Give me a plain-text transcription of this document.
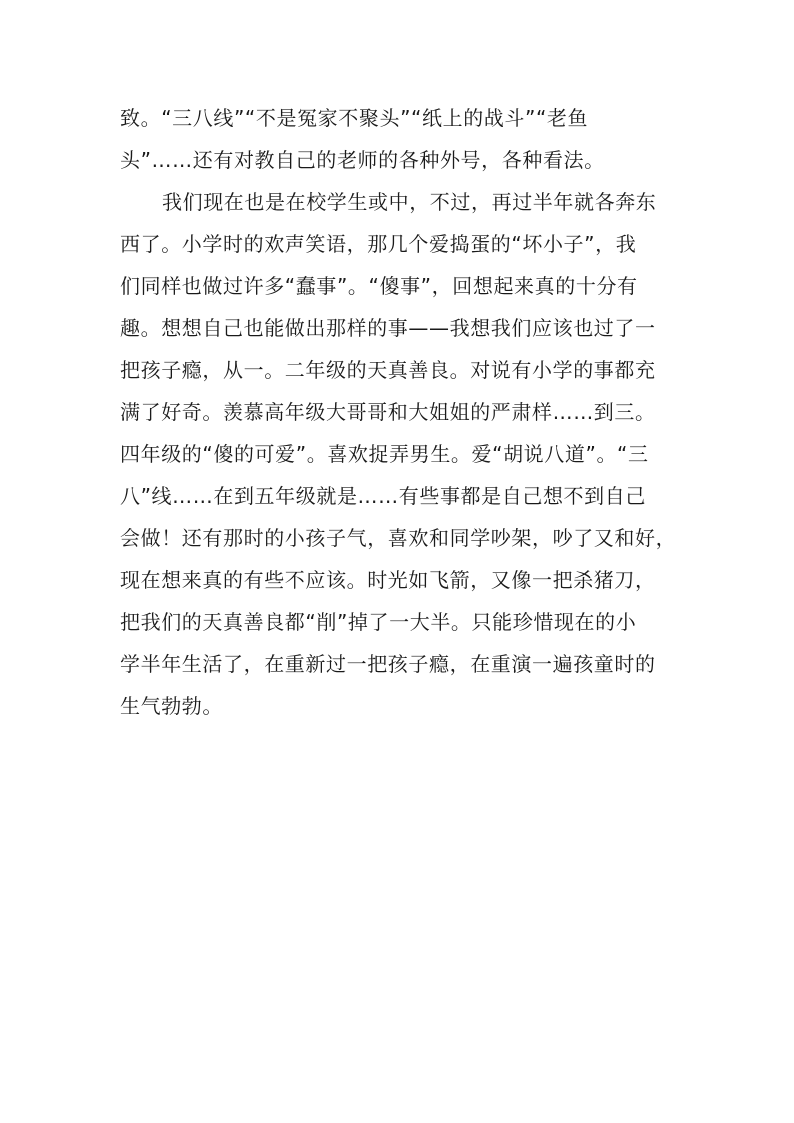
致。“三八线”“不是冤家不聚头”“纸上的战斗”“老鱼
头”……还有对教自己的老师的各种外号，各种看法。
我们现在也是在校学生或中，不过，再过半年就各奔东
西了。小学时的欢声笑语，那几个爱捣蛋的“坏小子”，我
们同样也做过许多“蠢事”。“傻事”，回想起来真的十分有
趣。想想自己也能做出那样的事——我想我们应该也过了一
把孩子瘾，从一。二年级的天真善良。对说有小学的事都充
满了好奇。羡慕高年级大哥哥和大姐姐的严肃样……到三。
四年级的“傻的可爱”。喜欢捉弄男生。爱“胡说八道”。“三
八”线……在到五年级就是……有些事都是自己想不到自己
会做！还有那时的小孩子气，喜欢和同学吵架，吵了又和好，
现在想来真的有些不应该。时光如飞箭，又像一把杀猪刀，
把我们的天真善良都“削”掉了一大半。只能珍惜现在的小
学半年生活了，在重新过一把孩子瘾，在重演一遍孩童时的
生气勃勃。
